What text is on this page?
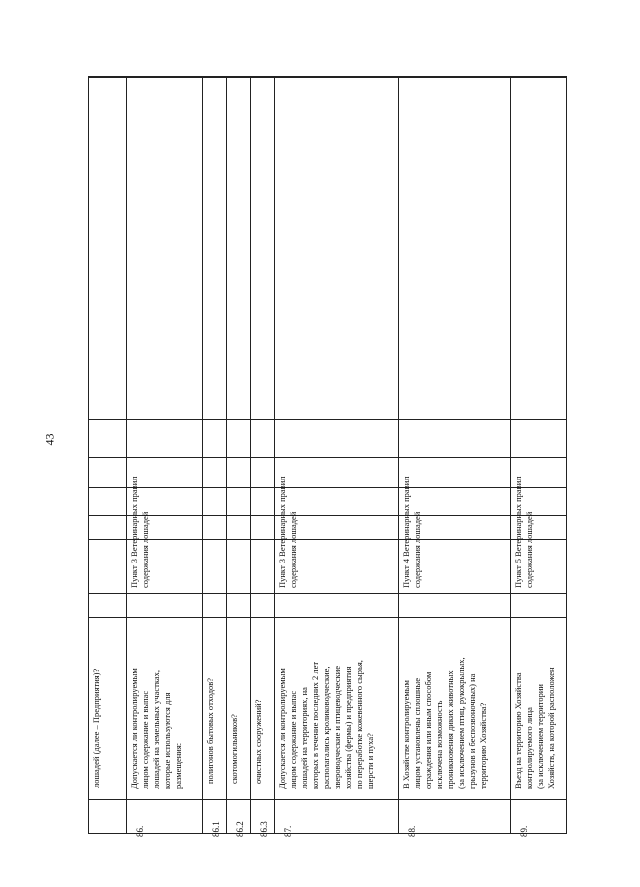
43
лошадей (далее – Предприятия)?
86.
Допускается ли контролируемым
лицом содержание и выпас
лошадей на земельных участках,
которые используются для
размещения:
Пункт 3 Ветеринарных правил
содержания лошадей
86.1
полигонов бытовых отходов?
86.2
скотомогильников?
86.3
очистных сооружений?
87.
Допускается ли контролируемым
лицом содержание и выпас
лошадей на территориях, на
которых в течение последних 2 лет
располагались кролиководческие,
звероводческие и птицеводческие
хозяйства (фермы) и предприятия
по переработке кожевенного сырья,
шерсти и пуха?
Пункт 3 Ветеринарных правил
содержания лошадей
88.
В Хозяйстве контролируемым
лицом установлены сплошные
ограждения или иным способом
исключена возможность
проникновения диких животных
(за исключением птиц, рукокрылых,
грызунов и беспозвоночных) на
территорию Хозяйства?
Пункт 4 Ветеринарных правил
содержания лошадей
89.
Въезд на территорию Хозяйства
контролируемого лица
(за исключением территории
Хозяйств, на которой расположен
Пункт 5 Ветеринарных правил
содержания лошадей
